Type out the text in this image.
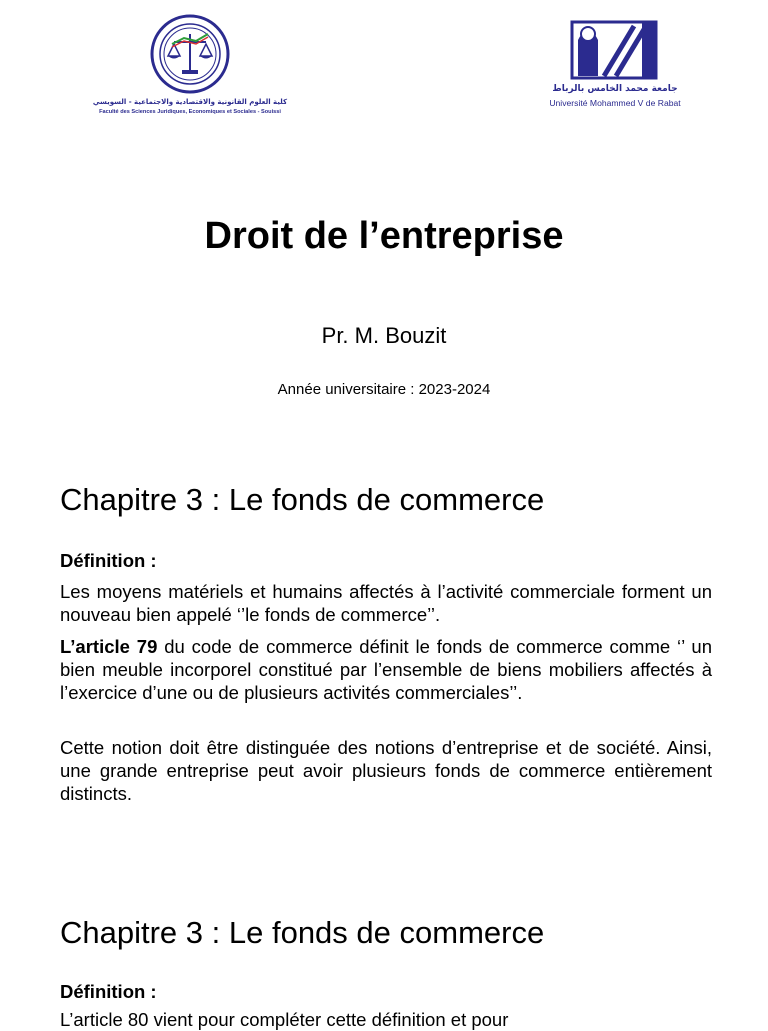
كلية العلوم القانونية والاقتصادية والاجتماعية - السويسي
Faculté des Sciences Juridiques, Economiques et Sociales - Souissi
جامعة محمد الخامس بالرباط
Université Mohammed V de Rabat
Droit de l’entreprise
Pr. M. Bouzit
Année universitaire : 2023-2024
Chapitre 3 : Le fonds de commerce
Définition :

Les moyens matériels et humains affectés à l’activité commerciale forment un nouveau bien appelé ‘’le fonds de commerce’’.

L’article 79 du code de commerce définit le fonds de commerce comme ‘’ un bien meuble incorporel constitué par l’ensemble de biens mobiliers affectés à l’exercice d’une ou de plusieurs activités commerciales’’.

Cette notion doit être distinguée des notions d’entreprise et de société. Ainsi, une grande entreprise peut avoir plusieurs fonds de commerce entièrement distincts.

Chapitre 3 : Le fonds de commerce
Définition :

L’article 80 vient pour compléter cette définition et pour
